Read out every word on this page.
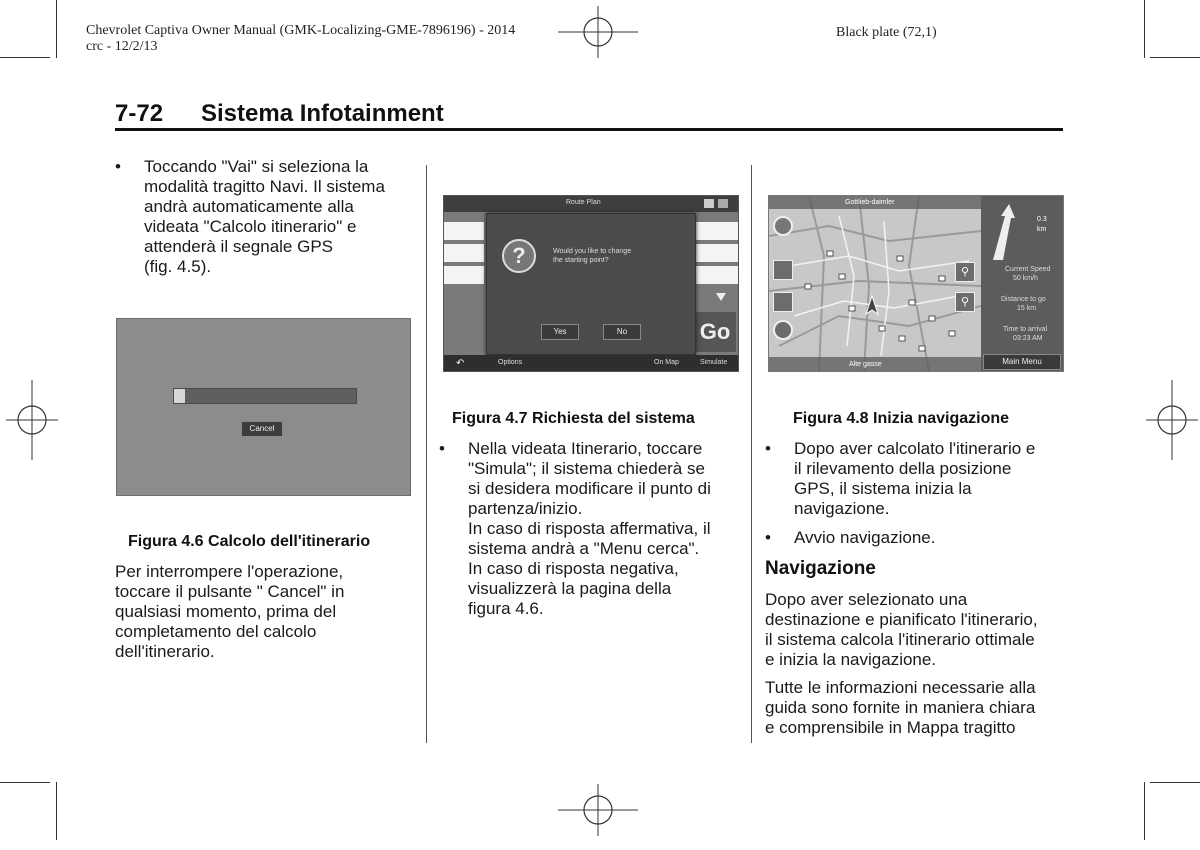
Chevrolet Captiva Owner Manual (GMK-Localizing-GME-7896196) - 2014
crc - 12/2/13
Black plate (72,1)
7-72 Sistema Infotainment
• Toccando "Vai" si seleziona la
modalità tragitto Navi. Il sistema
andrà automaticamente alla
videata "Calcolo itinerario" e
attenderà il segnale GPS
(fig. 4.5).
Cancel
Figura 4.6 Calcolo dell'itinerario
Per interrompere l'operazione,
toccare il pulsante " Cancel" in
qualsiasi momento, prima del
completamento del calcolo
dell'itinerario.
Route Plan
Go
?	Would you like to change
the starting point?
Yes	No
↶	Options	On Map	Simulate
Figura 4.7 Richiesta del sistema
• Nella videata Itinerario, toccare
"Simula"; il sistema chiederà se
si desidera modificare il punto di
partenza/inizio.
In caso di risposta affermativa, il
sistema andrà a "Menu cerca".
In caso di risposta negativa,
visualizzerà la pagina della
figura 4.6.
Gottlieb-daimler
Alte gasse
⚲
⚲
0.3
km
Current Speed
50 km/h
Distance to go
15 km
Time to arrival
03:23 AM
Main Menu
Figura 4.8 Inizia navigazione
• Dopo aver calcolato l'itinerario e
il rilevamento della posizione
GPS, il sistema inizia la
navigazione.
• Avvio navigazione.
Navigazione
Dopo aver selezionato una
destinazione e pianificato l'itinerario,
il sistema calcola l'itinerario ottimale
e inizia la navigazione.
Tutte le informazioni necessarie alla
guida sono fornite in maniera chiara
e comprensibile in Mappa tragitto
